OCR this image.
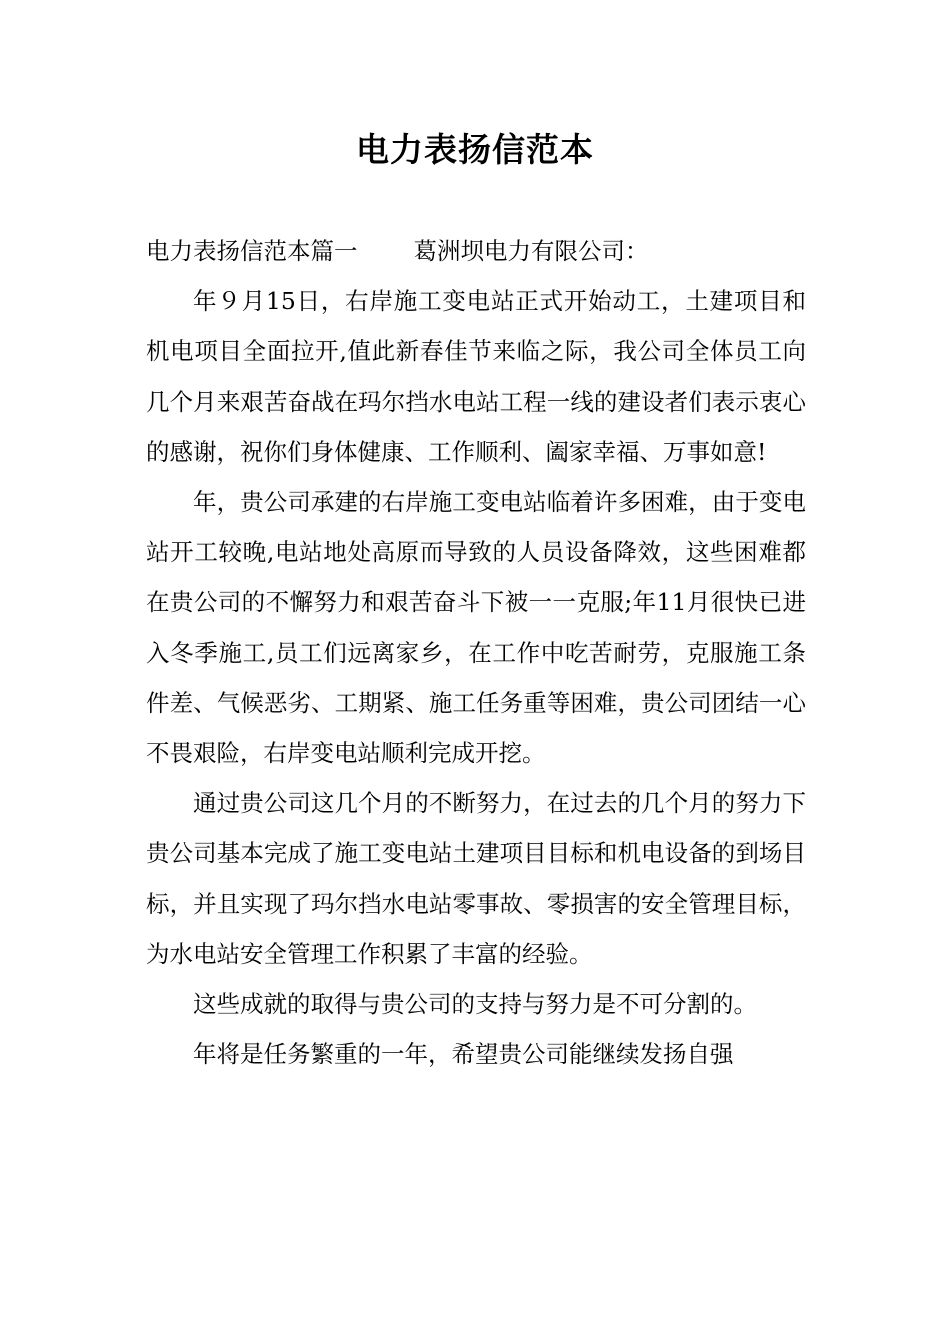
电力表扬信范本

电力表扬信范本篇一 葛洲坝电力有限公司：

年９月15日，右岸施工变电站正式开始动工，土建项目和机电项目全面拉开,值此新春佳节来临之际，我公司全体员工向几个月来艰苦奋战在玛尔挡水电站工程一线的建设者们表示衷心的感谢，祝你们身体健康、工作顺利、阖家幸福、万事如意!

年，贵公司承建的右岸施工变电站临着许多困难，由于变电站开工较晚,电站地处高原而导致的人员设备降效，这些困难都在贵公司的不懈努力和艰苦奋斗下被一一克服;年11月很快已进入冬季施工,员工们远离家乡，在工作中吃苦耐劳，克服施工条件差、气候恶劣、工期紧、施工任务重等困难，贵公司团结一心不畏艰险，右岸变电站顺利完成开挖。

通过贵公司这几个月的不断努力，在过去的几个月的努力下贵公司基本完成了施工变电站土建项目目标和机电设备的到场目标，并且实现了玛尔挡水电站零事故、零损害的安全管理目标，为水电站安全管理工作积累了丰富的经验。

这些成就的取得与贵公司的支持与努力是不可分割的。

年将是任务繁重的一年，希望贵公司能继续发扬自强
